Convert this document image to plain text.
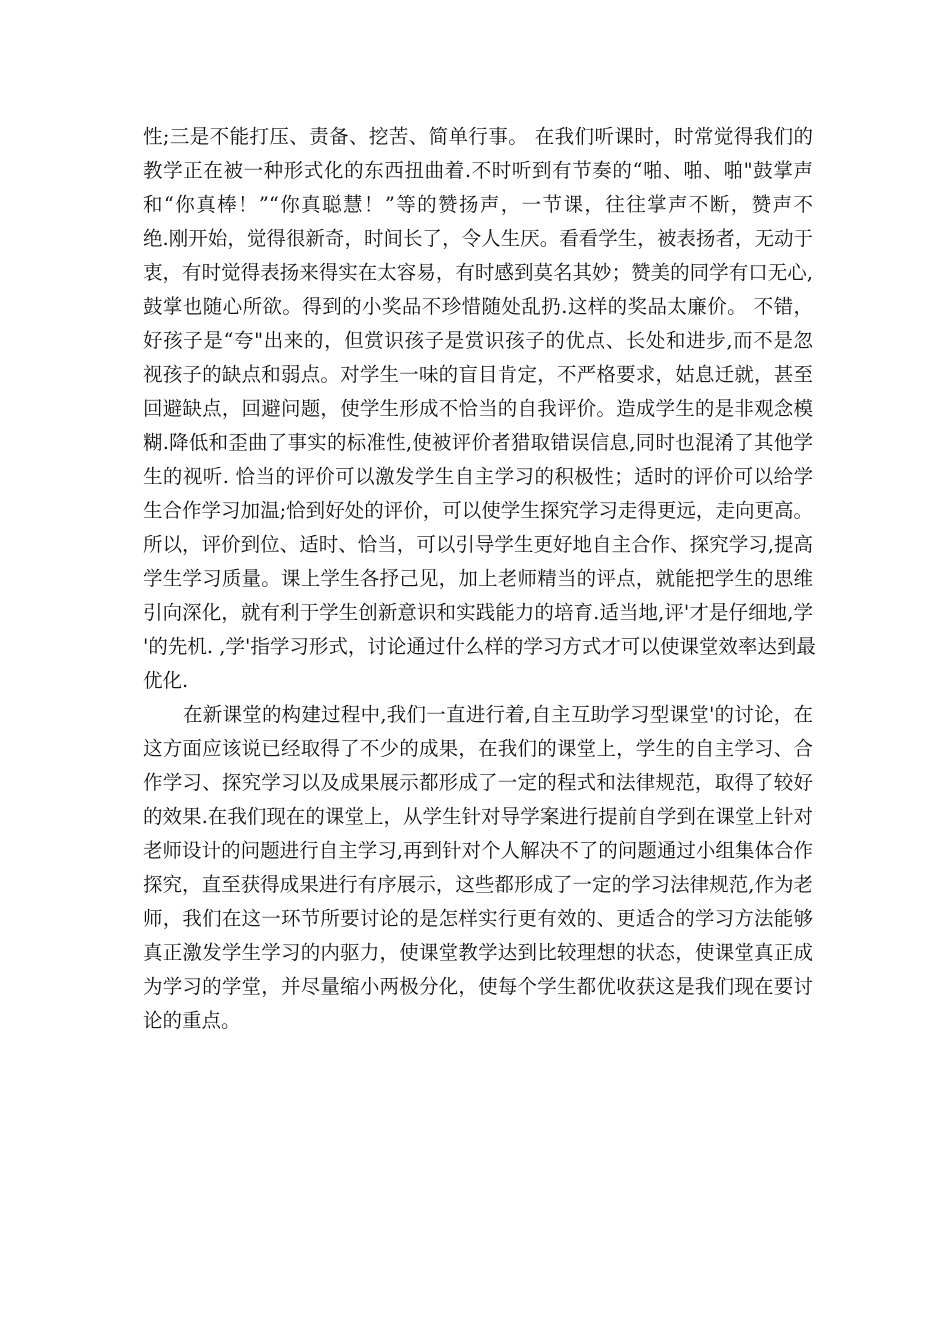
性;三是不能打压、责备、挖苦、简单行事。 在我们听课时，时常觉得我们的
教学正在被一种形式化的东西扭曲着.不时听到有节奏的“啪、啪、啪"鼓掌声
和“你真棒！”“你真聪慧！”等的赞扬声，一节课，往往掌声不断，赞声不
绝.刚开始，觉得很新奇，时间长了，令人生厌。看看学生，被表扬者，无动于
衷，有时觉得表扬来得实在太容易，有时感到莫名其妙；赞美的同学有口无心,
鼓掌也随心所欲。得到的小奖品不珍惜随处乱扔.这样的奖品太廉价。 不错，
好孩子是“夸"出来的，但赏识孩子是赏识孩子的优点、长处和进步,而不是忽
视孩子的缺点和弱点。对学生一味的盲目肯定，不严格要求，姑息迁就，甚至
回避缺点，回避问题，使学生形成不恰当的自我评价。造成学生的是非观念模
糊.降低和歪曲了事实的标准性,使被评价者猎取错误信息,同时也混淆了其他学
生的视听. 恰当的评价可以激发学生自主学习的积极性；适时的评价可以给学
生合作学习加温;恰到好处的评价，可以使学生探究学习走得更远，走向更高。
所以，评价到位、适时、恰当，可以引导学生更好地自主合作、探究学习,提高
学生学习质量。课上学生各抒己见，加上老师精当的评点，就能把学生的思维
引向深化，就有利于学生创新意识和实践能力的培育.适当地,评'才是仔细地,学
'的先机. ,学'指学习形式，讨论通过什么样的学习方式才可以使课堂效率达到最
优化.
在新课堂的构建过程中,我们一直进行着,自主互助学习型课堂'的讨论，在
这方面应该说已经取得了不少的成果，在我们的课堂上，学生的自主学习、合
作学习、探究学习以及成果展示都形成了一定的程式和法律规范，取得了较好
的效果.在我们现在的课堂上，从学生针对导学案进行提前自学到在课堂上针对
老师设计的问题进行自主学习,再到针对个人解决不了的问题通过小组集体合作
探究，直至获得成果进行有序展示，这些都形成了一定的学习法律规范,作为老
师，我们在这一环节所要讨论的是怎样实行更有效的、更适合的学习方法能够
真正激发学生学习的内驱力，使课堂教学达到比较理想的状态，使课堂真正成
为学习的学堂，并尽量缩小两极分化，使每个学生都优收获这是我们现在要讨
论的重点。
